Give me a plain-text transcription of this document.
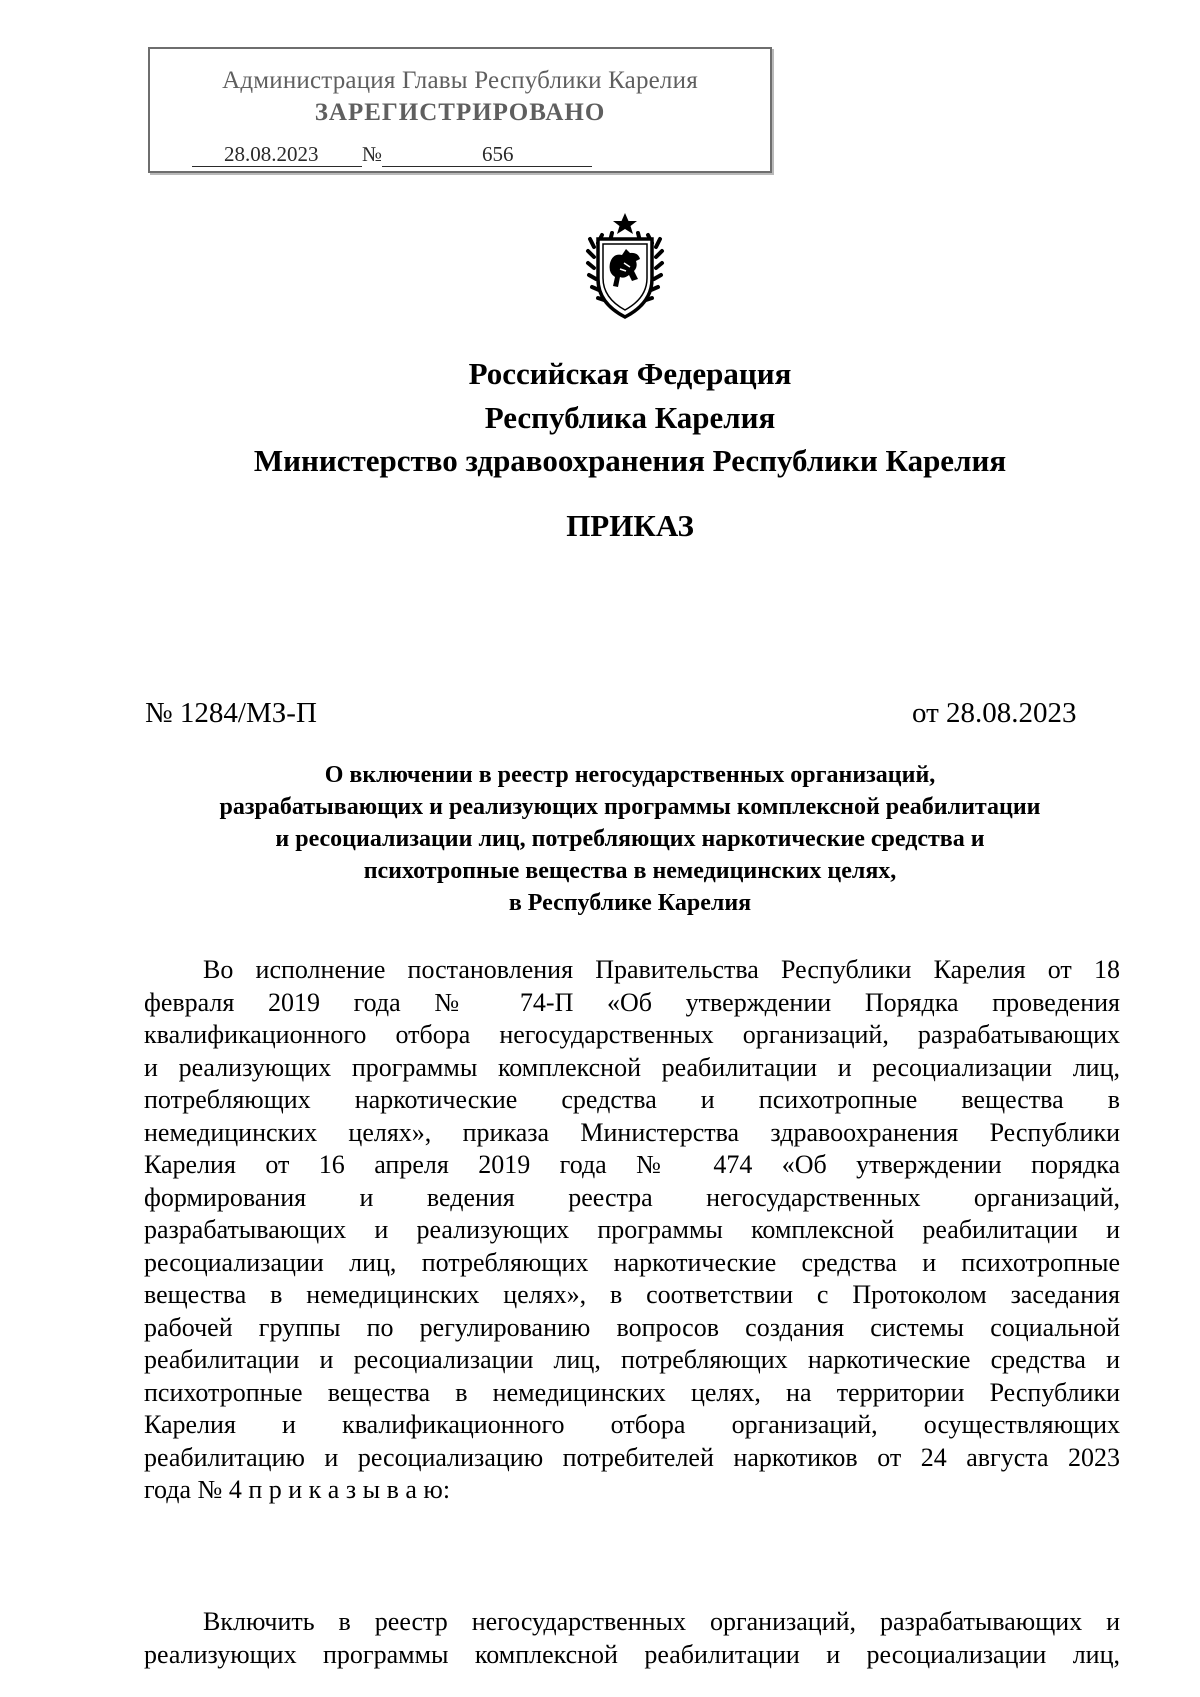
Администрация Главы Республики Карелия
ЗАРЕГИСТРИРОВАНО
28.08.2023	№	656
Российская Федерация
Республика Карелия
Министерство здравоохранения Республики Карелия
ПРИКАЗ
№ 1284/МЗ-П	от 28.08.2023
О включении в реестр негосударственных организаций,
разрабатывающих и реализующих программы комплексной реабилитации
и ресоциализации лиц, потребляющих наркотические средства и
психотропные вещества в немедицинских целях,
в Республике Карелия
Во исполнение постановления Правительства Республики Карелия от 18
февраля 2019 года № 74-П «Об утверждении Порядка проведения
квалификационного отбора негосударственных организаций, разрабатывающих
и реализующих программы комплексной реабилитации и ресоциализации лиц,
потребляющих наркотические средства и психотропные вещества в
немедицинских целях», приказа Министерства здравоохранения Республики
Карелия от 16 апреля 2019 года № 474 «Об утверждении порядка
формирования и ведения реестра негосударственных организаций,
разрабатывающих и реализующих программы комплексной реабилитации и
ресоциализации лиц, потребляющих наркотические средства и психотропные
вещества в немедицинских целях», в соответствии с Протоколом заседания
рабочей группы по регулированию вопросов создания системы социальной
реабилитации и ресоциализации лиц, потребляющих наркотические средства и
психотропные вещества в немедицинских целях, на территории Республики
Карелия и квалификационного отбора организаций, осуществляющих
реабилитацию и ресоциализацию потребителей наркотиков от 24 августа 2023
года № 4 п р и к а з ы в а ю:
Включить в реестр негосударственных организаций, разрабатывающих и
реализующих программы комплексной реабилитации и ресоциализации лиц,
